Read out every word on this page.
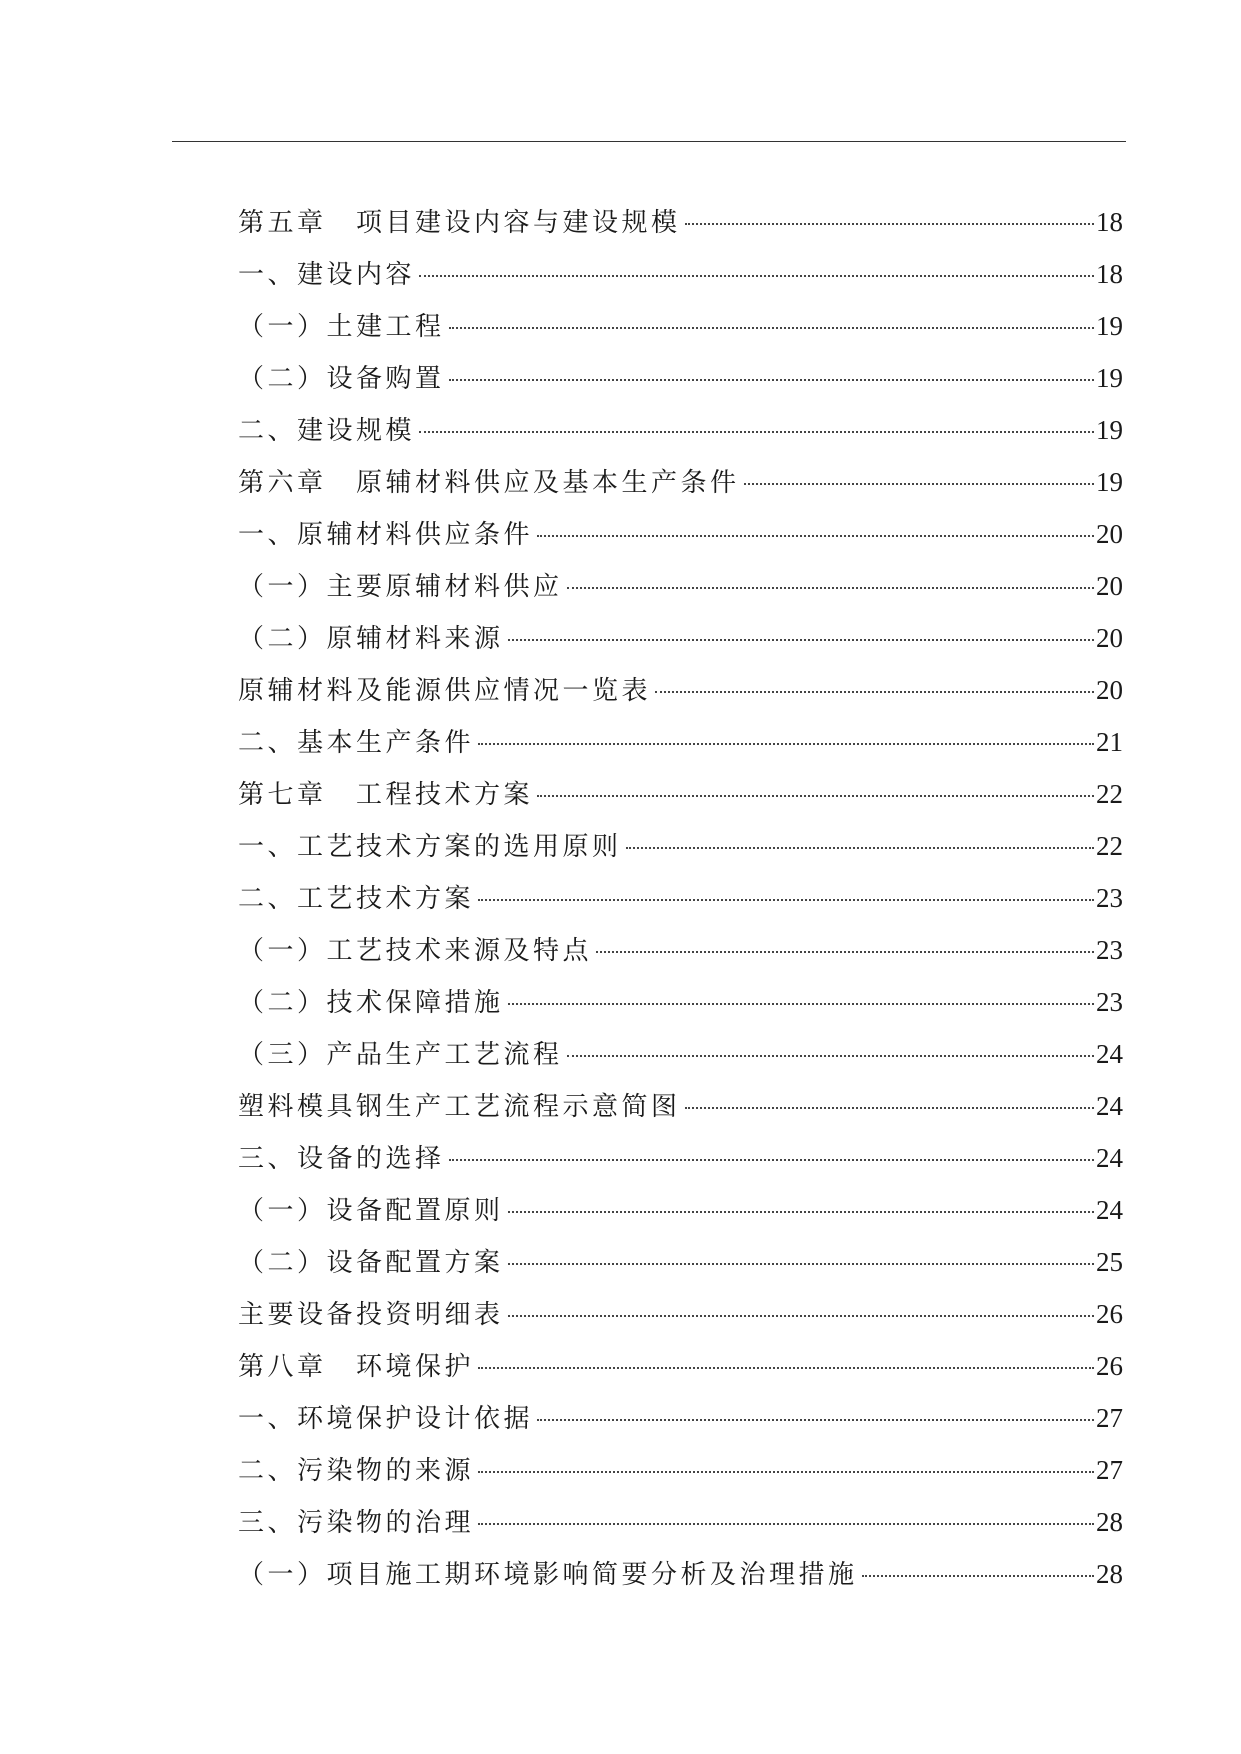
第五章　项目建设内容与建设规模	18
一、建设内容	18
（一）土建工程	19
（二）设备购置	19
二、建设规模	19
第六章　原辅材料供应及基本生产条件	19
一、原辅材料供应条件	20
（一）主要原辅材料供应	20
（二）原辅材料来源	20
原辅材料及能源供应情况一览表	20
二、基本生产条件	21
第七章　工程技术方案	22
一、工艺技术方案的选用原则	22
二、工艺技术方案	23
（一）工艺技术来源及特点	23
（二）技术保障措施	23
（三）产品生产工艺流程	24
塑料模具钢生产工艺流程示意简图	24
三、设备的选择	24
（一）设备配置原则	24
（二）设备配置方案	25
主要设备投资明细表	26
第八章　环境保护	26
一、环境保护设计依据	27
二、污染物的来源	27
三、污染物的治理	28
（一）项目施工期环境影响简要分析及治理措施	28
